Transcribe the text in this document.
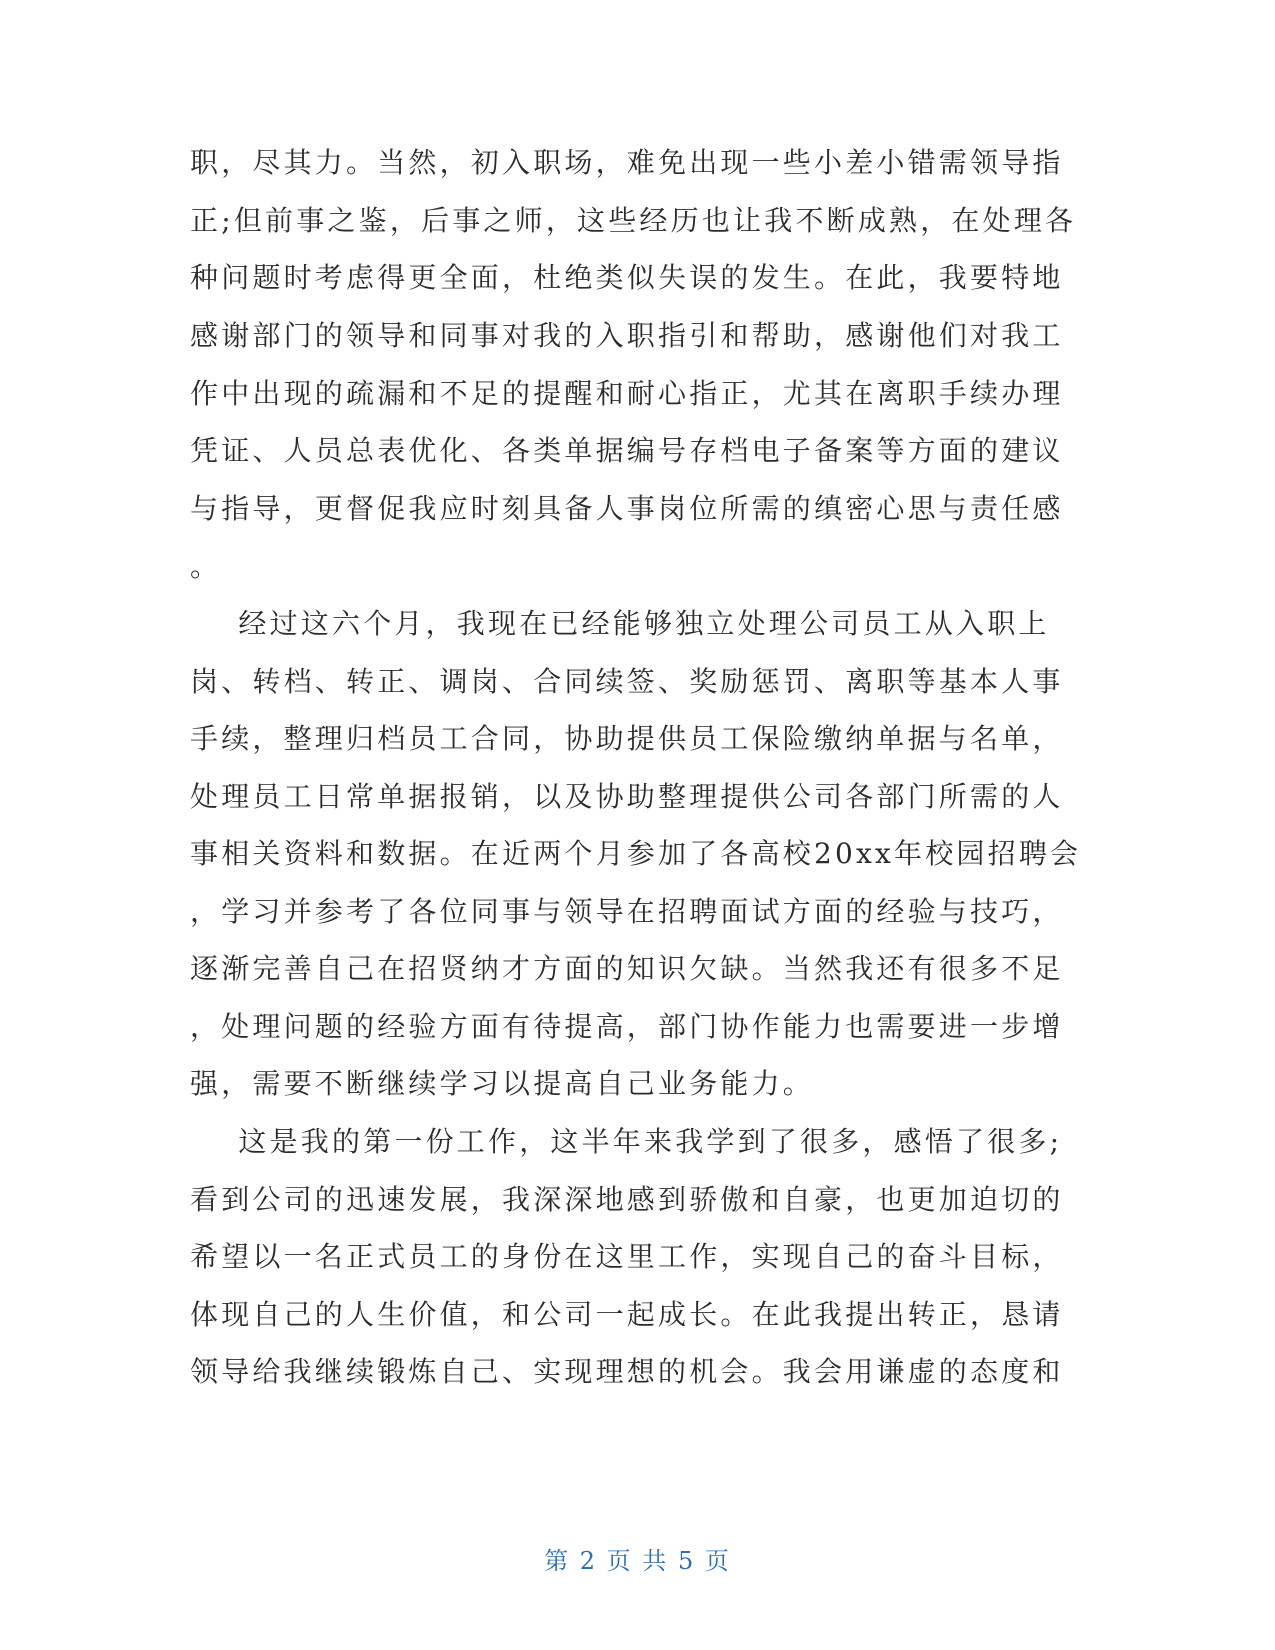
职，尽其力。当然，初入职场，难免出现一些小差小错需领导指
正;但前事之鉴，后事之师，这些经历也让我不断成熟，在处理各
种问题时考虑得更全面，杜绝类似失误的发生。在此，我要特地
感谢部门的领导和同事对我的入职指引和帮助，感谢他们对我工
作中出现的疏漏和不足的提醒和耐心指正，尤其在离职手续办理
凭证、人员总表优化、各类单据编号存档电子备案等方面的建议
与指导，更督促我应时刻具备人事岗位所需的缜密心思与责任感
。
经过这六个月，我现在已经能够独立处理公司员工从入职上
岗、转档、转正、调岗、合同续签、奖励惩罚、离职等基本人事
手续，整理归档员工合同，协助提供员工保险缴纳单据与名单，
处理员工日常单据报销，以及协助整理提供公司各部门所需的人
事相关资料和数据。在近两个月参加了各高校20xx年校园招聘会
，学习并参考了各位同事与领导在招聘面试方面的经验与技巧，
逐渐完善自己在招贤纳才方面的知识欠缺。当然我还有很多不足
，处理问题的经验方面有待提高，部门协作能力也需要进一步增
强，需要不断继续学习以提高自己业务能力。
这是我的第一份工作，这半年来我学到了很多，感悟了很多;
看到公司的迅速发展，我深深地感到骄傲和自豪，也更加迫切的
希望以一名正式员工的身份在这里工作，实现自己的奋斗目标，
体现自己的人生价值，和公司一起成长。在此我提出转正，恳请
领导给我继续锻炼自己、实现理想的机会。我会用谦虚的态度和
第 2 页 共 5 页
